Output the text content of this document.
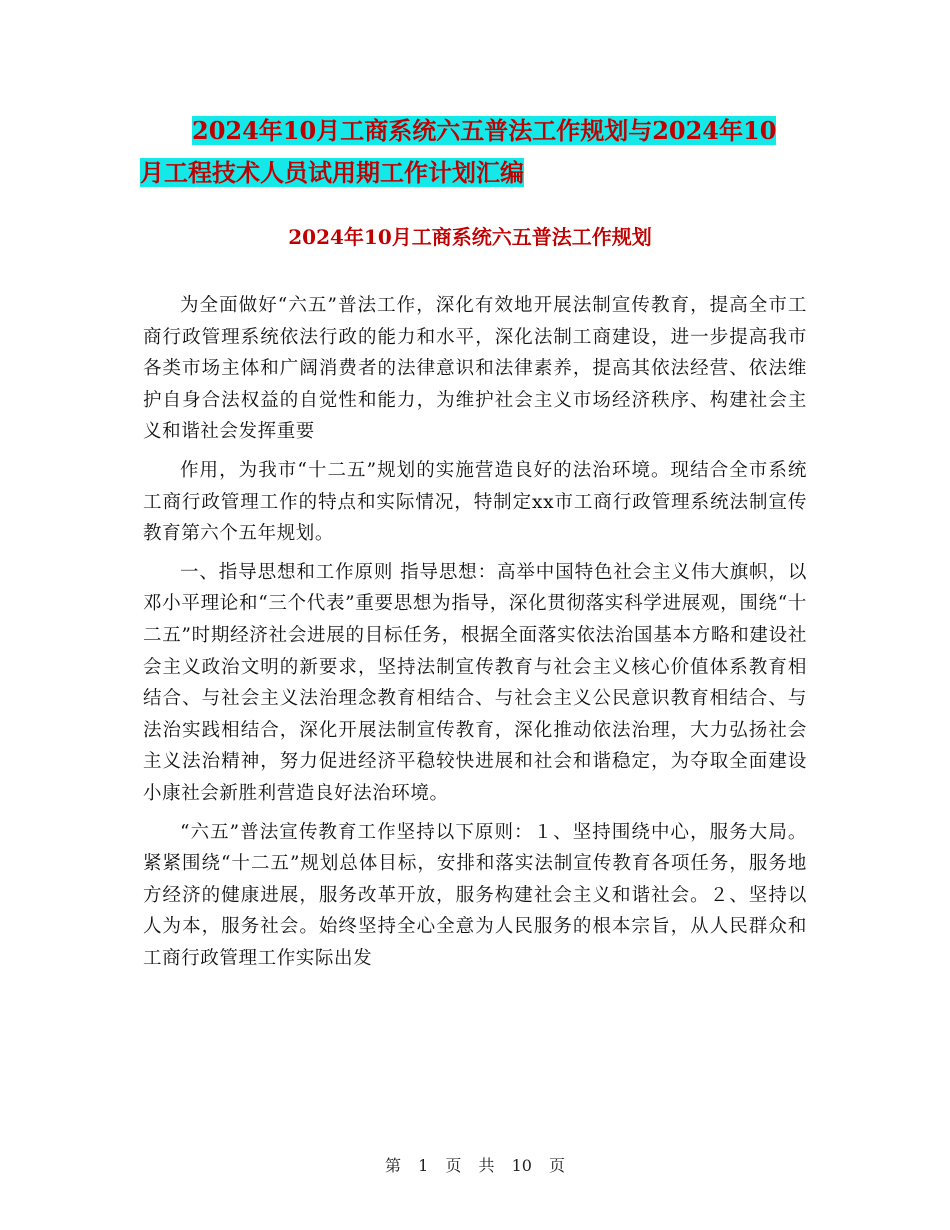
2024年10月工商系统六五普法工作规划与2024年10
月工程技术人员试用期工作计划汇编
2024年10月工商系统六五普法工作规划

为全面做好“六五”普法工作，深化有效地开展法制宣传教育，提高全市工商行政管理系统依法行政的能力和水平，深化法制工商建设，进一步提高我市各类市场主体和广阔消费者的法律意识和法律素养，提高其依法经营、依法维护自身合法权益的自觉性和能力，为维护社会主义市场经济秩序、构建社会主义和谐社会发挥重要

作用，为我市“十二五”规划的实施营造良好的法治环境。现结合全市系统工商行政管理工作的特点和实际情况，特制定xx市工商行政管理系统法制宣传教育第六个五年规划。

一、指导思想和工作原则 指导思想：高举中国特色社会主义伟大旗帜，以邓小平理论和“三个代表”重要思想为指导，深化贯彻落实科学进展观，围绕“十二五”时期经济社会进展的目标任务，根据全面落实依法治国基本方略和建设社会主义政治文明的新要求，坚持法制宣传教育与社会主义核心价值体系教育相结合、与社会主义法治理念教育相结合、与社会主义公民意识教育相结合、与法治实践相结合，深化开展法制宣传教育，深化推动依法治理，大力弘扬社会主义法治精神，努力促进经济平稳较快进展和社会和谐稳定，为夺取全面建设小康社会新胜利营造良好法治环境。

“六五”普法宣传教育工作坚持以下原则：１、坚持围绕中心，服务大局。紧紧围绕“十二五”规划总体目标，安排和落实法制宣传教育各项任务，服务地方经济的健康进展，服务改革开放，服务构建社会主义和谐社会。２、坚持以人为本，服务社会。始终坚持全心全意为人民服务的根本宗旨，从人民群众和工商行政管理工作实际出发

第 1 页 共 10 页
